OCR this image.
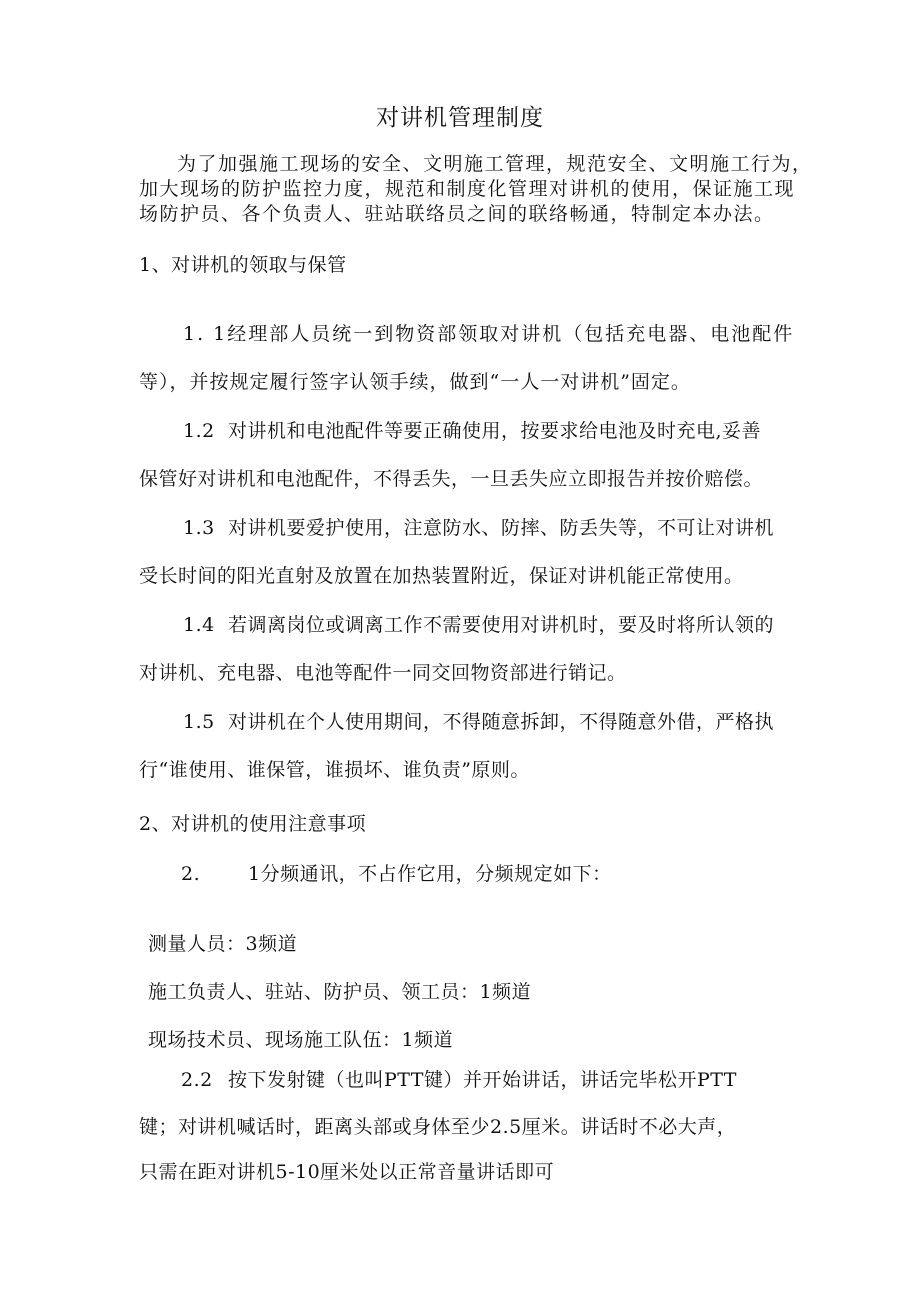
对讲机管理制度
为了加强施工现场的安全、文明施工管理，规范安全、文明施工行为，
加大现场的防护监控力度，规范和制度化管理对讲机的使用，保证施工现
场防护员、各个负责人、驻站联络员之间的联络畅通，特制定本办法。
1、对讲机的领取与保管
1. 1经理部人员统一到物资部领取对讲机（包括充电器、电池配件
等），并按规定履行签字认领手续，做到“一人一对讲机”固定。
1.2 对讲机和电池配件等要正确使用，按要求给电池及时充电,妥善
保管好对讲机和电池配件，不得丢失，一旦丢失应立即报告并按价赔偿。
1.3 对讲机要爱护使用，注意防水、防摔、防丢失等，不可让对讲机
受长时间的阳光直射及放置在加热装置附近，保证对讲机能正常使用。
1.4 若调离岗位或调离工作不需要使用对讲机时，要及时将所认领的
对讲机、充电器、电池等配件一同交回物资部进行销记。
1.5 对讲机在个人使用期间，不得随意拆卸，不得随意外借，严格执
行“谁使用、谁保管，谁损坏、谁负责”原则。
2、对讲机的使用注意事项
2.	1分频通讯，不占作它用，分频规定如下：
测量人员：3频道
施工负责人、驻站、防护员、领工员：1频道
现场技术员、现场施工队伍：1频道
2.2 按下发射键（也叫PTT键）并开始讲话，讲话完毕松开PTT
键；对讲机喊话时，距离头部或身体至少2.5厘米。讲话时不必大声，
只需在距对讲机5-10厘米处以正常音量讲话即可
